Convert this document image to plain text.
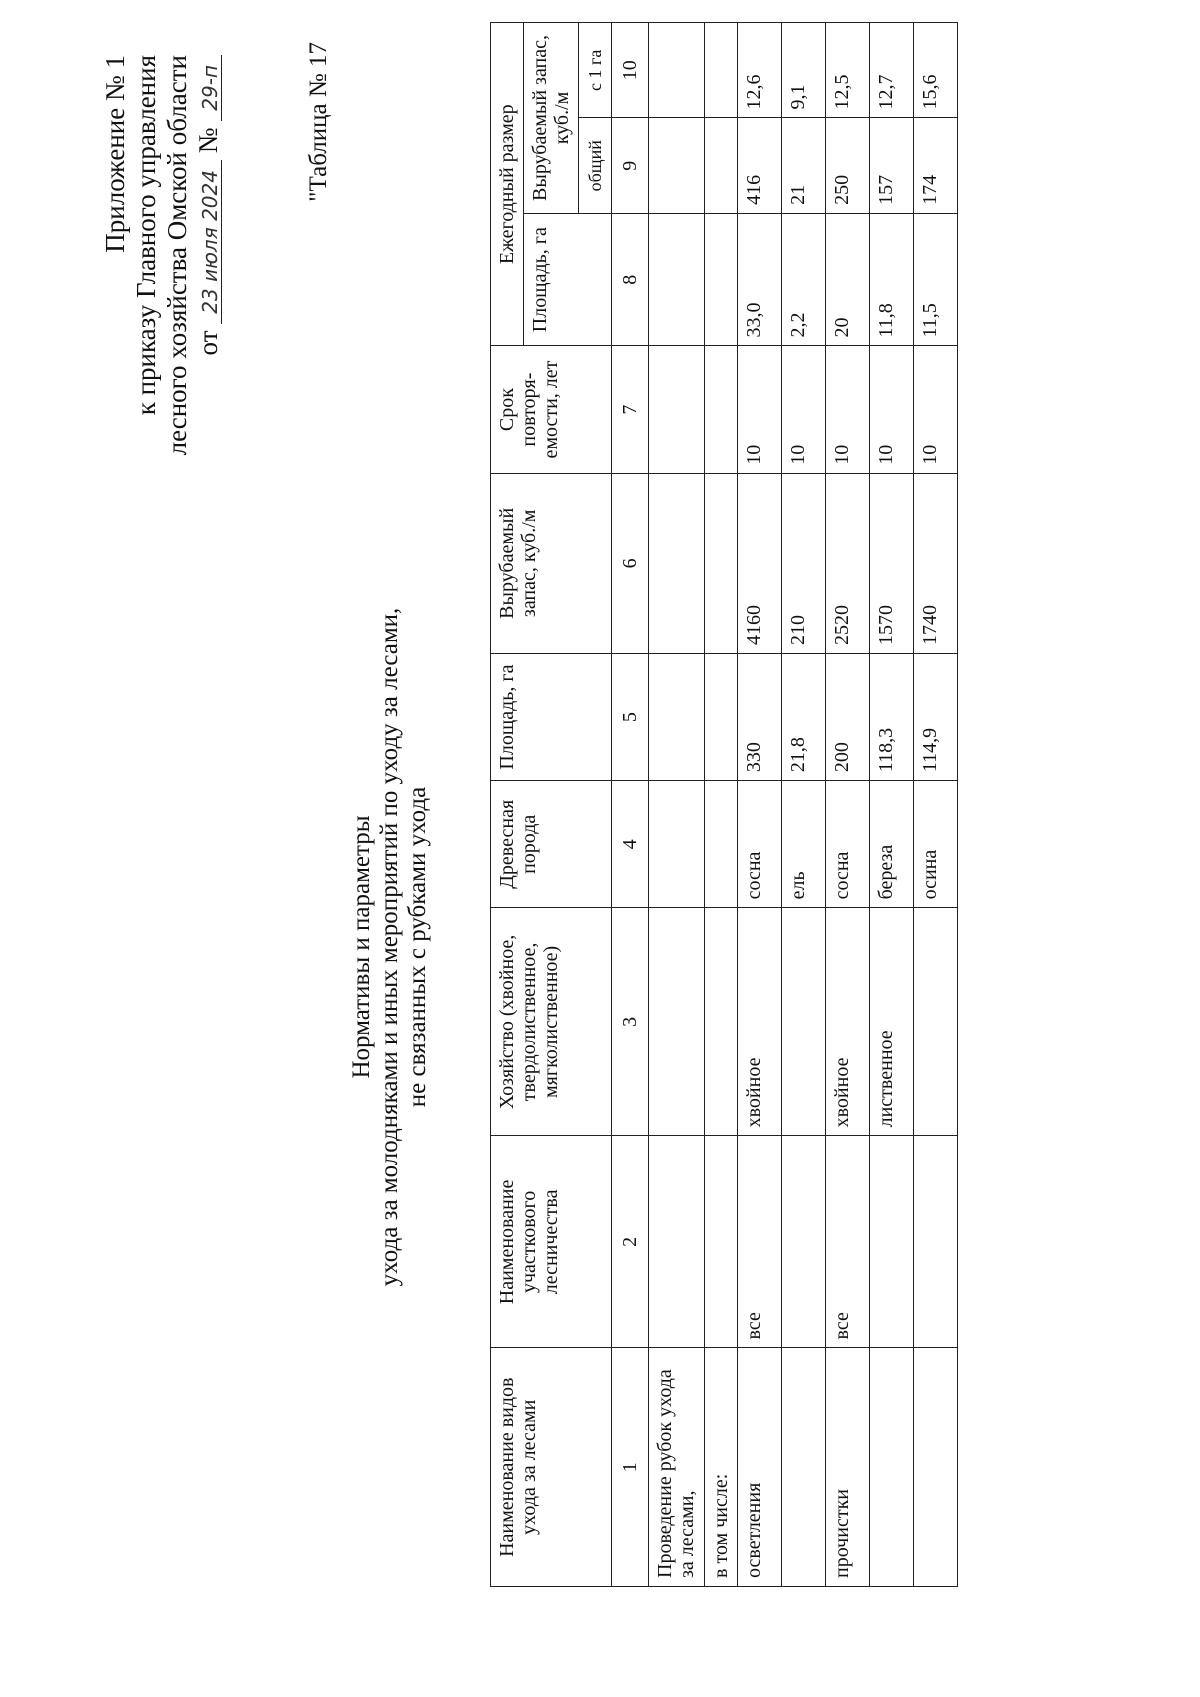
Приложение № 1 к приказу Главного управления лесного хозяйства Омской области от 23 июля 2024 № 29-п	"Таблица № 17
Нормативы и параметры ухода за молодняками и иных мероприятий по уходу за лесами, не связанных с рубками ухода
Наименование видов ухода за лесами	Наименование участкового лесничества	Хозяйство (хвойное, твердолиственное, мягколиственное)	Древесная порода	Площадь, га	Вырубаемый запас, куб./м	Срок повторя-емости, лет	Ежегодный размер		
							Площадь, га	Вырубаемый запас, куб./м	
								общий	с 1 га
1	2	3	4	5	6	7	8	9	10
Проведение рубок ухода за лесами,									
в том числе:									
осветления	все	хвойное	сосна	330	4160	10	33,0	416	12,6
			ель	21,8	210	10	2,2	21	9,1
прочистки	все	хвойное	сосна	200	2520	10	20	250	12,5
		лиственное	береза	118,3	1570	10	11,8	157	12,7
			осина	114,9	1740	10	11,5	174	15,6
